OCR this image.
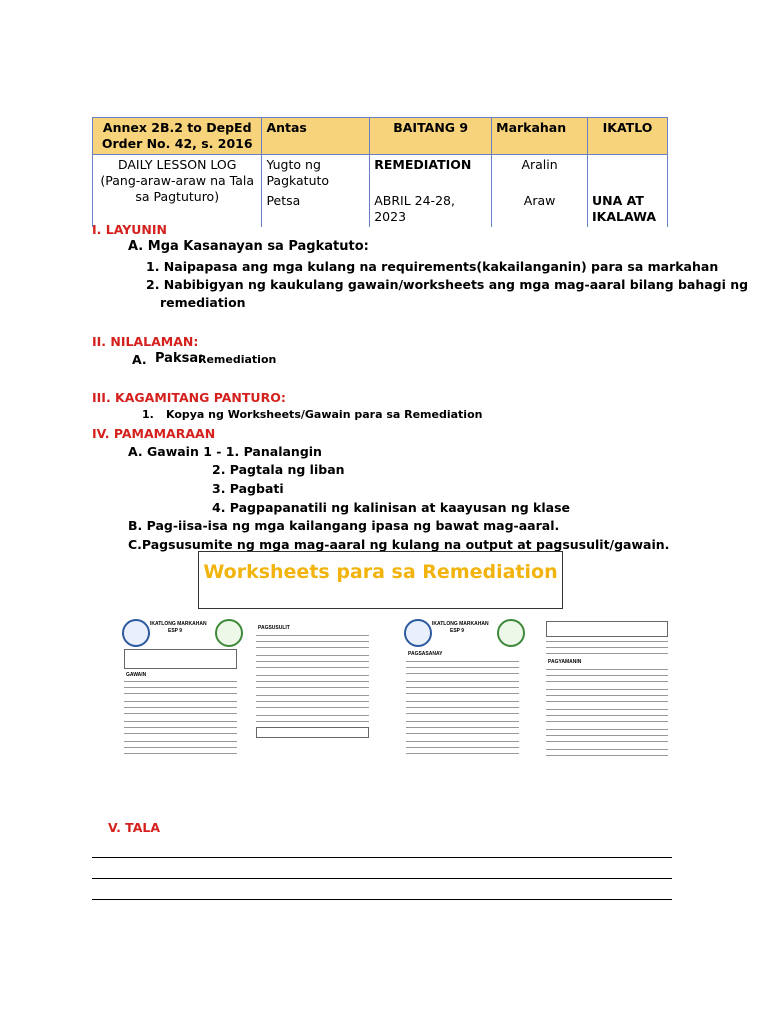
Annex 2B.2 to DepEd Order No. 42, s. 2016	Antas	BAITANG 9	Markahan	IKATLO

DAILY LESSON LOG
(Pang-araw-araw na Tala
sa Pagtuturo)	Yugto ng Pagkatuto	REMEDIATION	Aralin	
	Petsa	ABRIL 24-28, 2023	Araw	UNA AT IKALAWA
I. LAYUNIN
A. Mga Kasanayan sa Pagkatuto:
1. Naipapasa ang mga kulang na requirements(kakailanganin) para sa markahan
2. Nabibigyan ng kaukulang gawain/worksheets ang mga mag-aaral bilang bahagi ng
remediation
II. NILALAMAN:
A. Paksa:
Remediation
III. KAGAMITANG PANTURO:
1. Kopya ng Worksheets/Gawain para sa Remediation
IV. PAMAMARAAN
A. Gawain 1 - 1. Panalangin
2. Pagtala ng liban
3. Pagbati
4. Pagpapanatili ng kalinisan at kaayusan ng klase
B. Pag-iisa-isa ng mga kailangang ipasa ng bawat mag-aaral.
C.Pagsusumite ng mga mag-aaral ng kulang na output at pagsusulit/gawain.
Worksheets para sa Remediation
IKATLONG MARKAHAN
ESP 9
GAWAIN
PAGSUSULIT
IKATLONG MARKAHAN
ESP 9
PAGSASANAY
PAGYAMANIN
V. TALA
